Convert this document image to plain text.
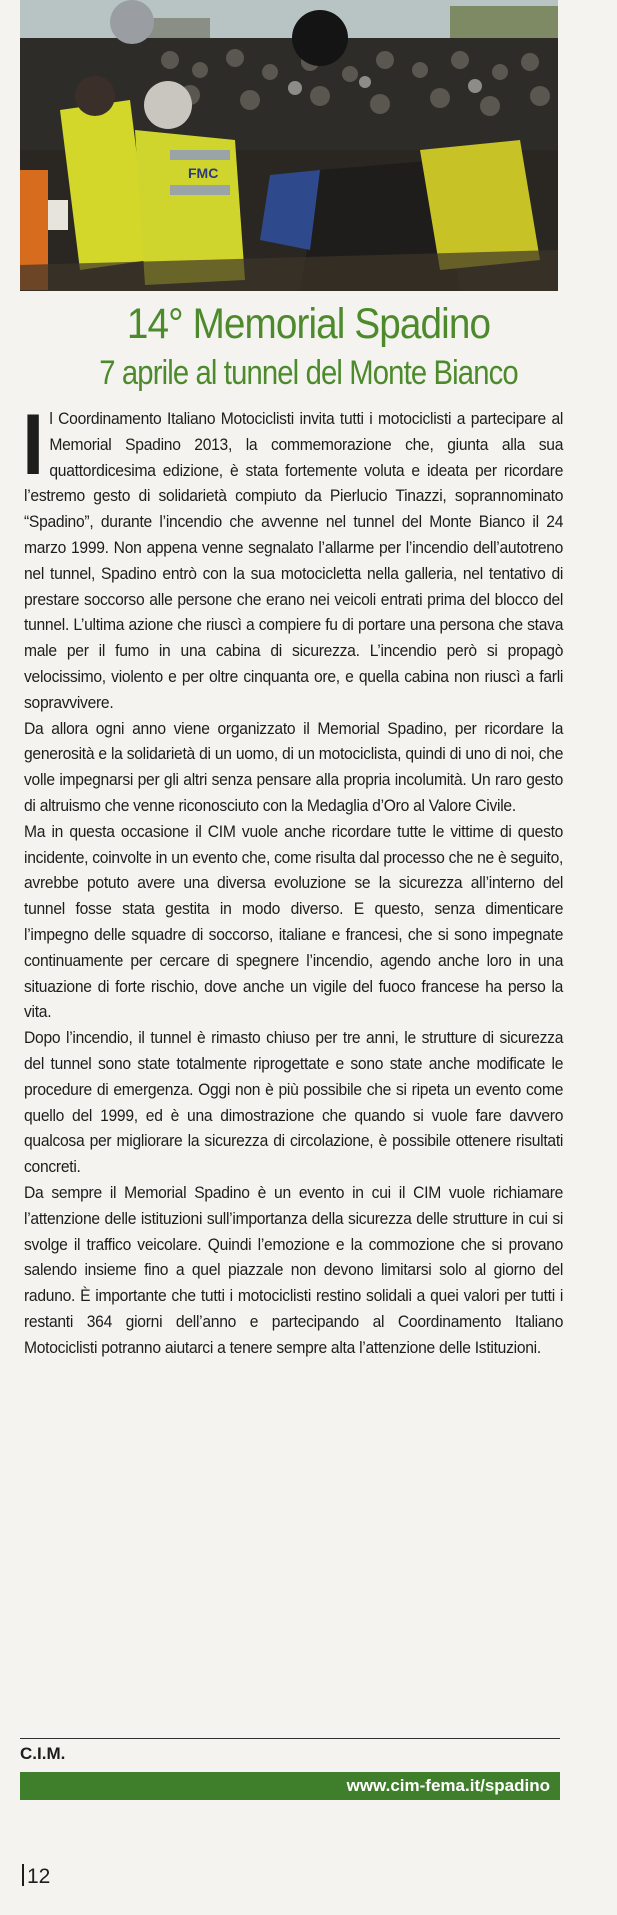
FMC
14° Memorial Spadino
7 aprile al tunnel del Monte Bianco

Il Coordinamento Italiano Motociclisti invita tutti i motociclisti a partecipare al Memorial Spadino 2013, la commemorazione che, giunta alla sua quattordicesima edizione, è stata fortemente voluta e ideata per ricordare l’estremo gesto di solidarietà compiuto da Pierlucio Tinazzi, soprannominato “Spadino”, durante l’incendio che avvenne nel tunnel del Monte Bianco il 24 marzo 1999. Non appena venne segnalato l’allarme per l’incendio dell’autotreno nel tunnel, Spadino entrò con la sua motocicletta nella galleria, nel tentativo di prestare soccorso alle persone che erano nei veicoli entrati prima del blocco del tunnel. L’ultima azione che riuscì a compiere fu di portare una persona che stava male per il fumo in una cabina di sicurezza. L’incendio però si propagò velocissimo, violento e per oltre cinquanta ore, e quella cabina non riuscì a farli sopravvivere.

Da allora ogni anno viene organizzato il Memorial Spadino, per ricordare la generosità e la solidarietà di un uomo, di un motociclista, quindi di uno di noi, che volle impegnarsi per gli altri senza pensare alla propria incolumità. Un raro gesto di altruismo che venne riconosciuto con la Medaglia d’Oro al Valore Civile.

Ma in questa occasione il CIM vuole anche ricordare tutte le vittime di questo incidente, coinvolte in un evento che, come risulta dal processo che ne è seguito, avrebbe potuto avere una diversa evoluzione se la sicurezza all’interno del tunnel fosse stata gestita in modo diverso. E questo, senza dimenticare l’impegno delle squadre di soccorso, italiane e francesi, che si sono impegnate continuamente per cercare di spegnere l’incendio, agendo anche loro in una situazione di forte rischio, dove anche un vigile del fuoco francese ha perso la vita.

Dopo l’incendio, il tunnel è rimasto chiuso per tre anni, le strutture di sicurezza del tunnel sono state totalmente riprogettate e sono state anche modificate le procedure di emergenza. Oggi non è più possibile che si ripeta un evento come quello del 1999, ed è una dimostrazione che quando si vuole fare davvero qualcosa per migliorare la sicurezza di circolazione, è possibile ottenere risultati concreti.

Da sempre il Memorial Spadino è un evento in cui il CIM vuole richiamare l’attenzione delle istituzioni sull’importanza della sicurezza delle strutture in cui si svolge il traffico veicolare. Quindi l’emozione e la commozione che si provano salendo insieme fino a quel piazzale non devono limitarsi solo al giorno del raduno. È importante che tutti i motociclisti restino solidali a quei valori per tutti i restanti 364 giorni dell’anno e partecipando al Coordinamento Italiano Motociclisti potranno aiutarci a tenere sempre alta l’attenzione delle Istituzioni.

C.I.M.
www.cim-fema.it/spadino
12
